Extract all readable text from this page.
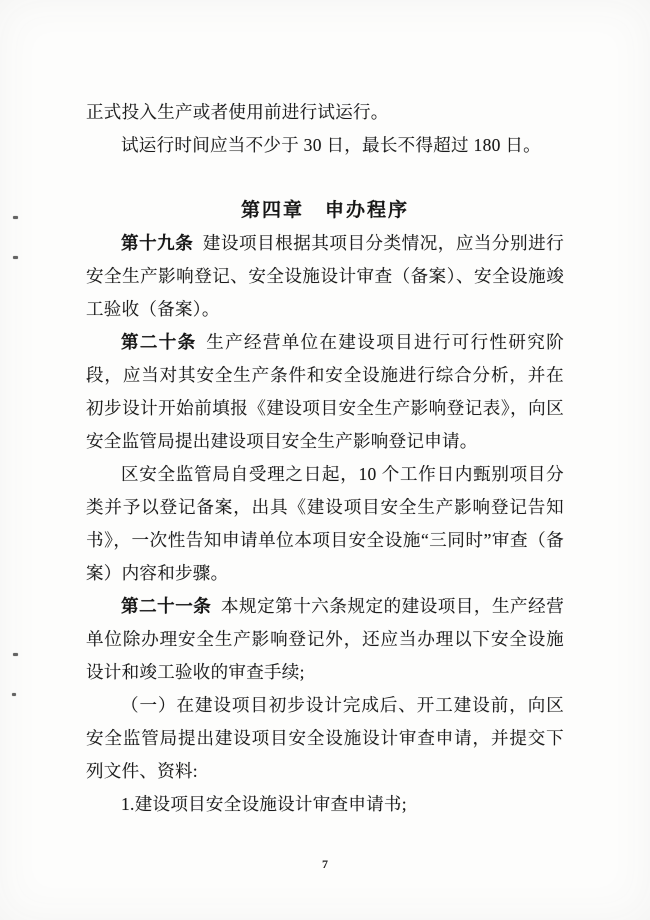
正式投入生产或者使用前进行试运行。

试运行时间应当不少于 30 日，最长不得超过 180 日。

第四章　申办程序

第十九条 建设项目根据其项目分类情况，应当分别进行安全生产影响登记、安全设施设计审查（备案）、安全设施竣工验收（备案）。

第二十条 生产经营单位在建设项目进行可行性研究阶段，应当对其安全生产条件和安全设施进行综合分析，并在初步设计开始前填报《建设项目安全生产影响登记表》，向区安全监管局提出建设项目安全生产影响登记申请。

区安全监管局自受理之日起，10 个工作日内甄别项目分类并予以登记备案，出具《建设项目安全生产影响登记告知书》，一次性告知申请单位本项目安全设施“三同时”审查（备案）内容和步骤。

第二十一条 本规定第十六条规定的建设项目，生产经营单位除办理安全生产影响登记外，还应当办理以下安全设施设计和竣工验收的审查手续;

（一）在建设项目初步设计完成后、开工建设前，向区安全监管局提出建设项目安全设施设计审查申请，并提交下列文件、资料:

1.建设项目安全设施设计审查申请书;

7
